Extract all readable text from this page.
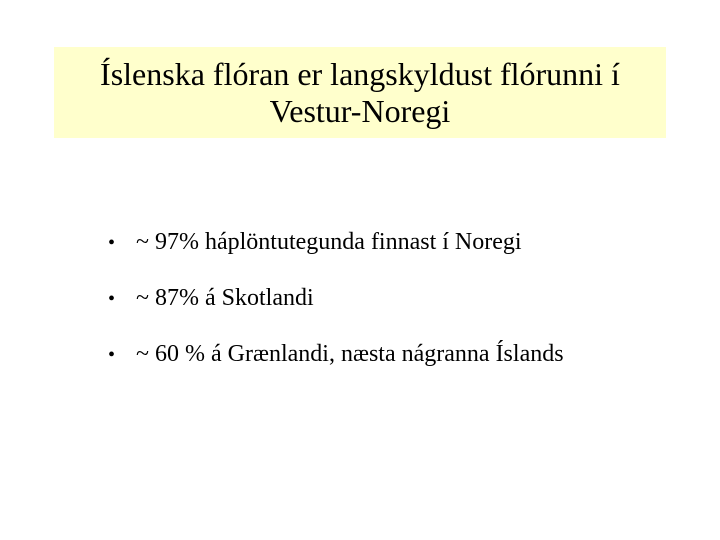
Íslenska flóran er langskyldust flórunni í
Vestur-Noregi
• ~ 97% háplöntutegunda finnast í Noregi
• ~ 87% á Skotlandi
• ~ 60 % á Grænlandi, næsta nágranna Íslands
